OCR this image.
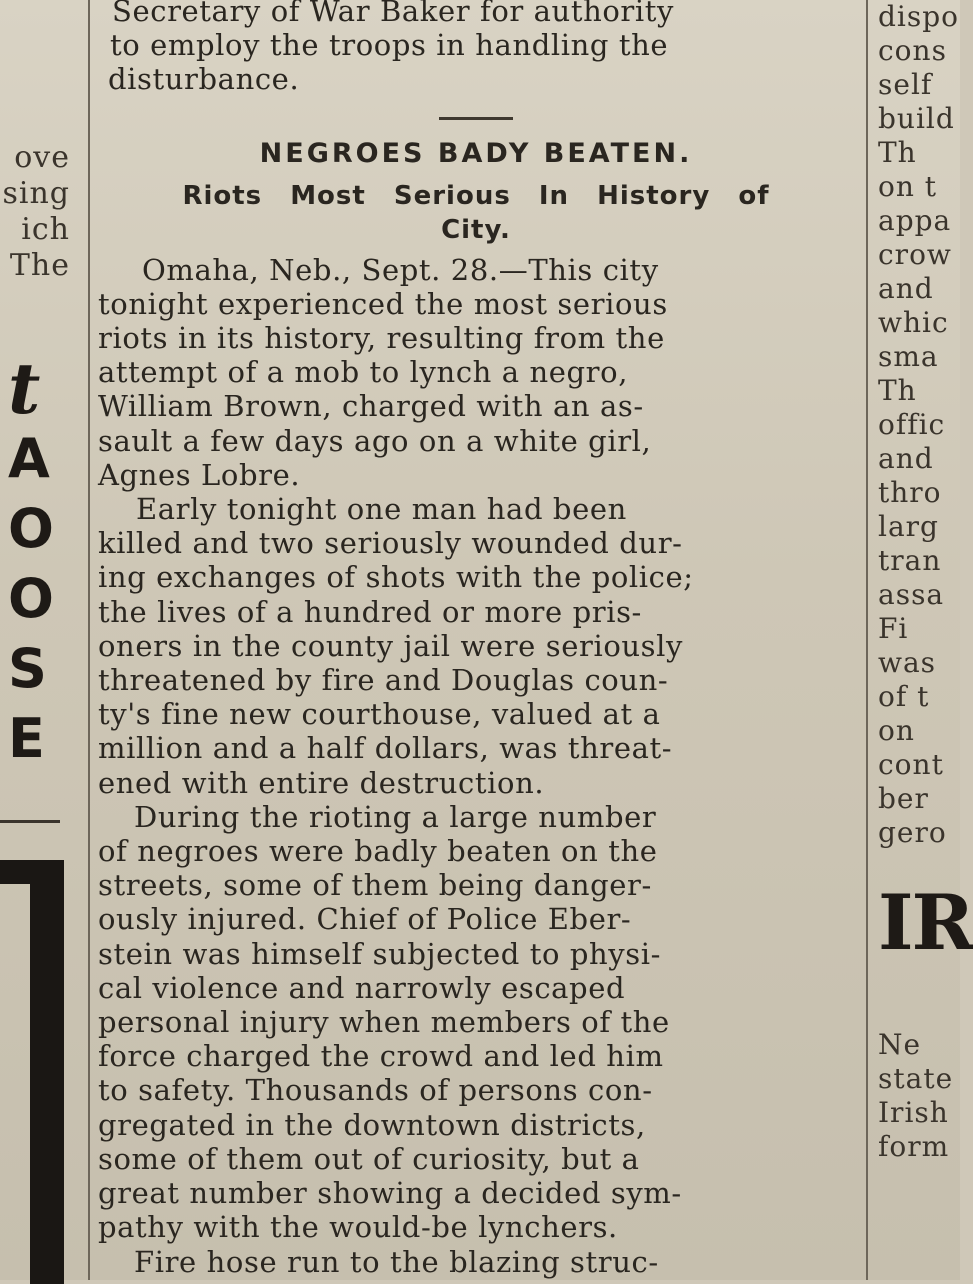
ove
sing
ich
The
t
A
O
O
S
E
Secretary of War Baker for authority
to employ the troops in handling the
disturbance.
NEGROES BADY BEATEN.
Riots Most Serious In History of
City.
Omaha, Neb., Sept. 28.—This city
tonight experienced the most serious
riots in its history, resulting from the
attempt of a mob to lynch a negro,
William Brown, charged with an as-
sault a few days ago on a white girl,
Agnes Lobre.
Early tonight one man had been
killed and two seriously wounded dur-
ing exchanges of shots with the police;
the lives of a hundred or more pris-
oners in the county jail were seriously
threatened by fire and Douglas coun-
ty's fine new courthouse, valued at a
million and a half dollars, was threat-
ened with entire destruction.
During the rioting a large number
of negroes were badly beaten on the
streets, some of them being danger-
ously injured. Chief of Police Eber-
stein was himself subjected to physi-
cal violence and narrowly escaped
personal injury when members of the
force charged the crowd and led him
to safety. Thousands of persons con-
gregated in the downtown districts,
some of them out of curiosity, but a
great number showing a decided sym-
pathy with the would-be lynchers.
Fire hose run to the blazing struc-
dispo
cons
self
build
Th
on t
appa
crow
and
whic
sma
Th
offic
and
thro
larg
tran
assa
Fi
was
of t
on
cont
ber
gero
IR
Ne
state
Irish
form
